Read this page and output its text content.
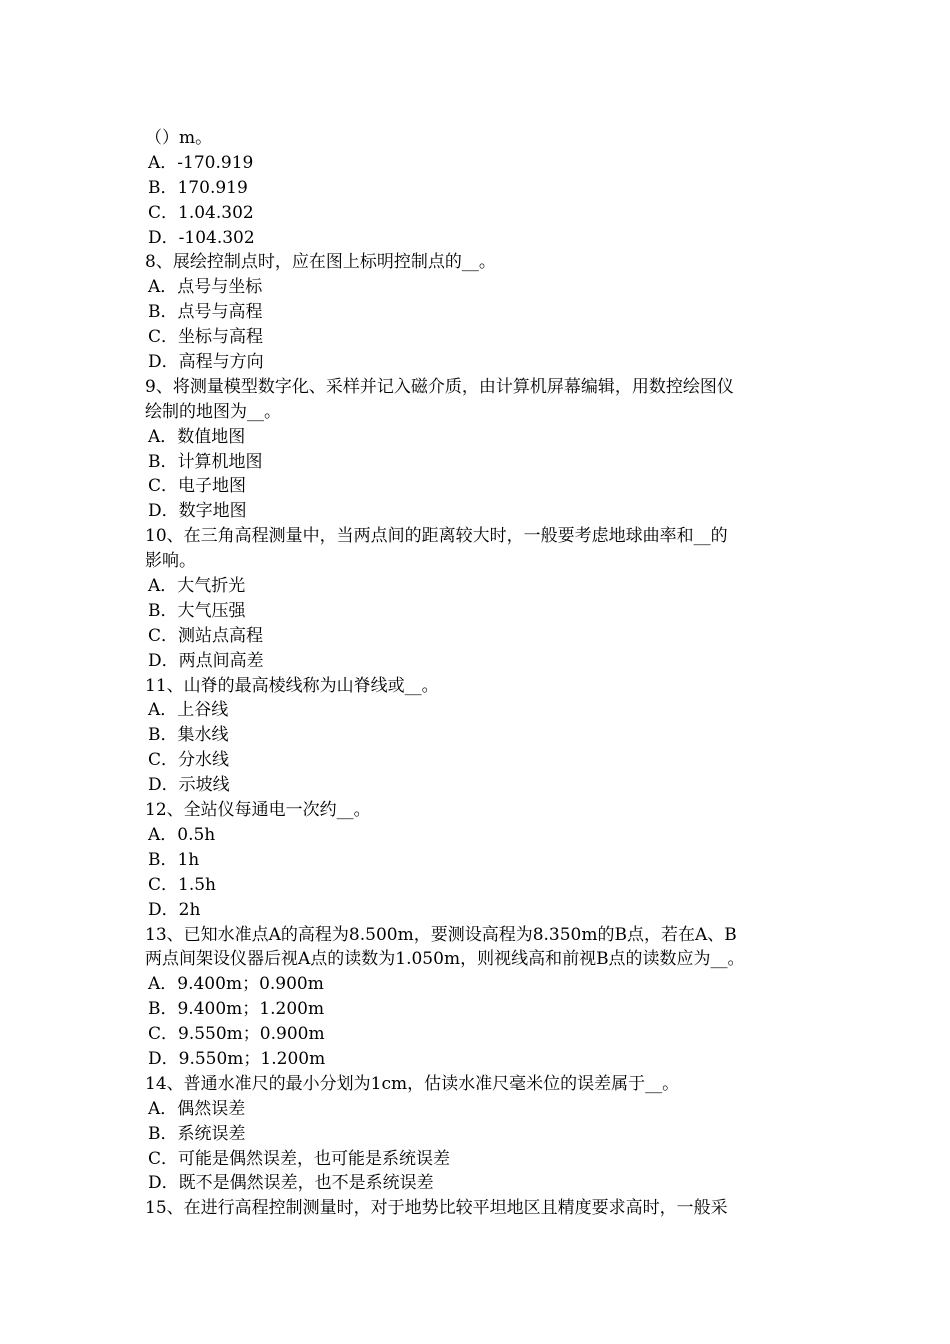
（）m。
A．-170.919
B．170.919
C．1.04.302
D．-104.302
8、展绘控制点时，应在图上标明控制点的__。
A．点号与坐标
B．点号与高程
C．坐标与高程
D．高程与方向
9、将测量模型数字化、采样并记入磁介质，由计算机屏幕编辑，用数控绘图仪
绘制的地图为__。
A．数值地图
B．计算机地图
C．电子地图
D．数字地图
10、在三角高程测量中，当两点间的距离较大时，一般要考虑地球曲率和__的
影响。
A．大气折光
B．大气压强
C．测站点高程
D．两点间高差
11、山脊的最高棱线称为山脊线或__。
A．上谷线
B．集水线
C．分水线
D．示坡线
12、全站仪每通电一次约__。
A．0.5h
B．1h
C．1.5h
D．2h
13、已知水准点A的高程为8.500m，要测设高程为8.350m的B点，若在A、B
两点间架设仪器后视A点的读数为1.050m，则视线高和前视B点的读数应为__。
A．9.400m；0.900m
B．9.400m；1.200m
C．9.550m；0.900m
D．9.550m；1.200m
14、普通水准尺的最小分划为1cm，估读水准尺毫米位的误差属于__。
A．偶然误差
B．系统误差
C．可能是偶然误差，也可能是系统误差
D．既不是偶然误差，也不是系统误差
15、在进行高程控制测量时，对于地势比较平坦地区且精度要求高时，一般采
